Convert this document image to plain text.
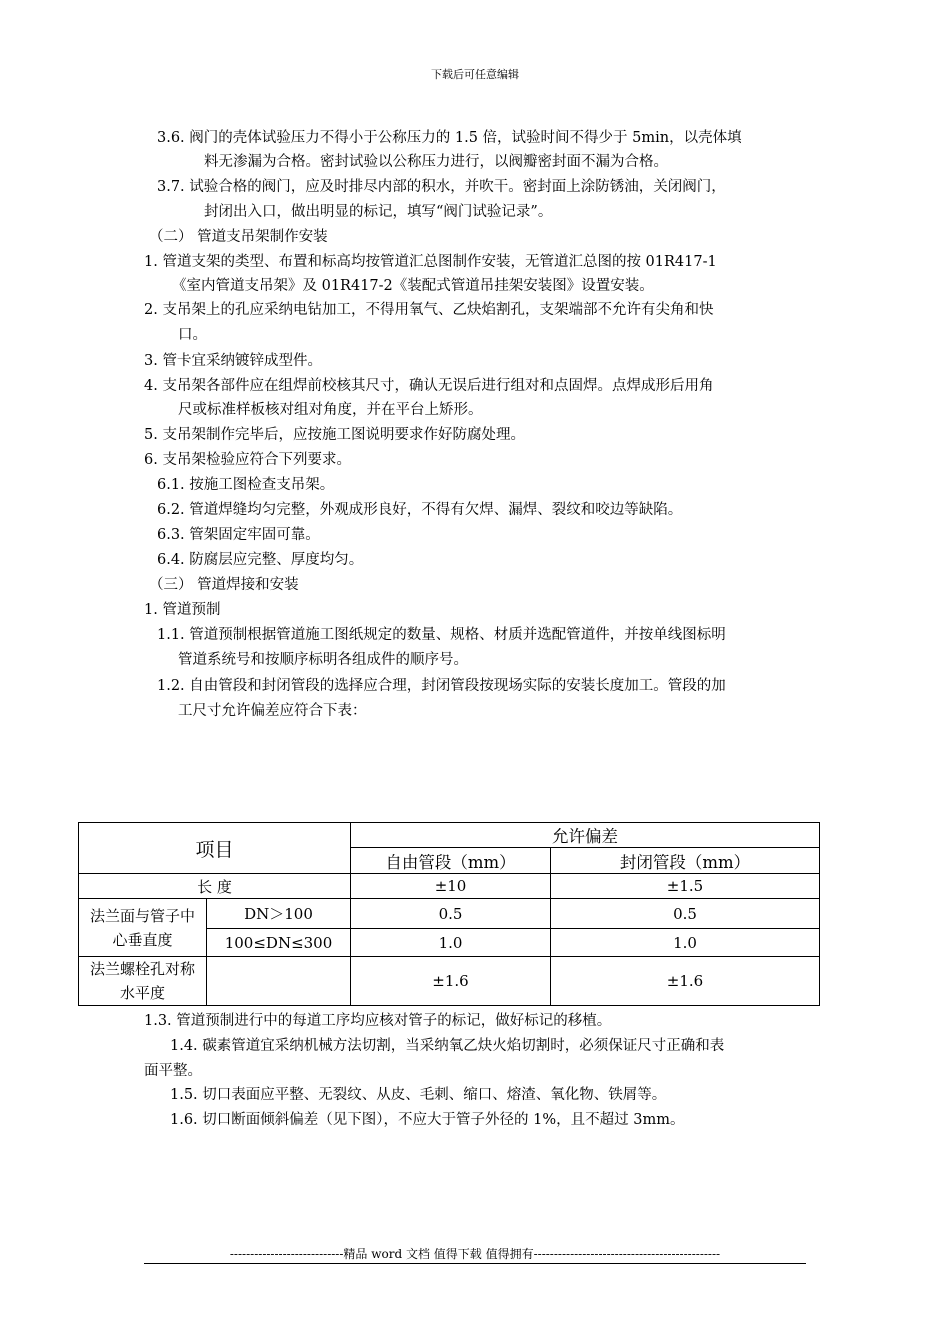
下载后可任意编辑
3.6. 阀门的壳体试验压力不得小于公称压力的 1.5 倍，试验时间不得少于 5min，以壳体填
料无渗漏为合格。密封试验以公称压力进行，以阀瓣密封面不漏为合格。
3.7. 试验合格的阀门，应及时排尽内部的积水，并吹干。密封面上涂防锈油，关闭阀门，
封闭出入口，做出明显的标记，填写“阀门试验记录”。
（二） 管道支吊架制作安装
1. 管道支架的类型、布置和标高均按管道汇总图制作安装，无管道汇总图的按 01R417-1
《室内管道支吊架》及 01R417-2《装配式管道吊挂架安装图》设置安装。
2. 支吊架上的孔应采纳电钻加工，不得用氧气、乙炔焰割孔，支架端部不允许有尖角和快
口。
3. 管卡宜采纳镀锌成型件。
4. 支吊架各部件应在组焊前校核其尺寸，确认无误后进行组对和点固焊。点焊成形后用角
尺或标准样板核对组对角度，并在平台上矫形。
5. 支吊架制作完毕后，应按施工图说明要求作好防腐处理。
6. 支吊架检验应符合下列要求。
6.1. 按施工图检查支吊架。
6.2. 管道焊缝均匀完整，外观成形良好，不得有欠焊、漏焊、裂纹和咬边等缺陷。
6.3. 管架固定牢固可靠。
6.4. 防腐层应完整、厚度均匀。
（三） 管道焊接和安装
1. 管道预制
1.1. 管道预制根据管道施工图纸规定的数量、规格、材质并选配管道件，并按单线图标明
管道系统号和按顺序标明各组成件的顺序号。
1.2. 自由管段和封闭管段的选择应合理，封闭管段按现场实际的安装长度加工。管段的加
工尺寸允许偏差应符合下表：
项目		允许偏差	
		自由管段（mm）	封闭管段（mm）
长 度		±10	±1.5
法兰面与管子中心垂直度	DN＞100	0.5	0.5
	100≤DN≤300	1.0	1.0
法兰螺栓孔对称水平度		±1.6	±1.6
1.3. 管道预制进行中的每道工序均应核对管子的标记，做好标记的移植。
1.4. 碳素管道宜采纳机械方法切割，当采纳氧乙炔火焰切割时，必须保证尺寸正确和表
面平整。
1.5. 切口表面应平整、无裂纹、从皮、毛刺、缩口、熔渣、氧化物、铁屑等。
1.6. 切口断面倾斜偏差（见下图），不应大于管子外径的 1%，且不超过 3mm。
----------------------------精品 word 文档 值得下载 值得拥有----------------------------------------------
